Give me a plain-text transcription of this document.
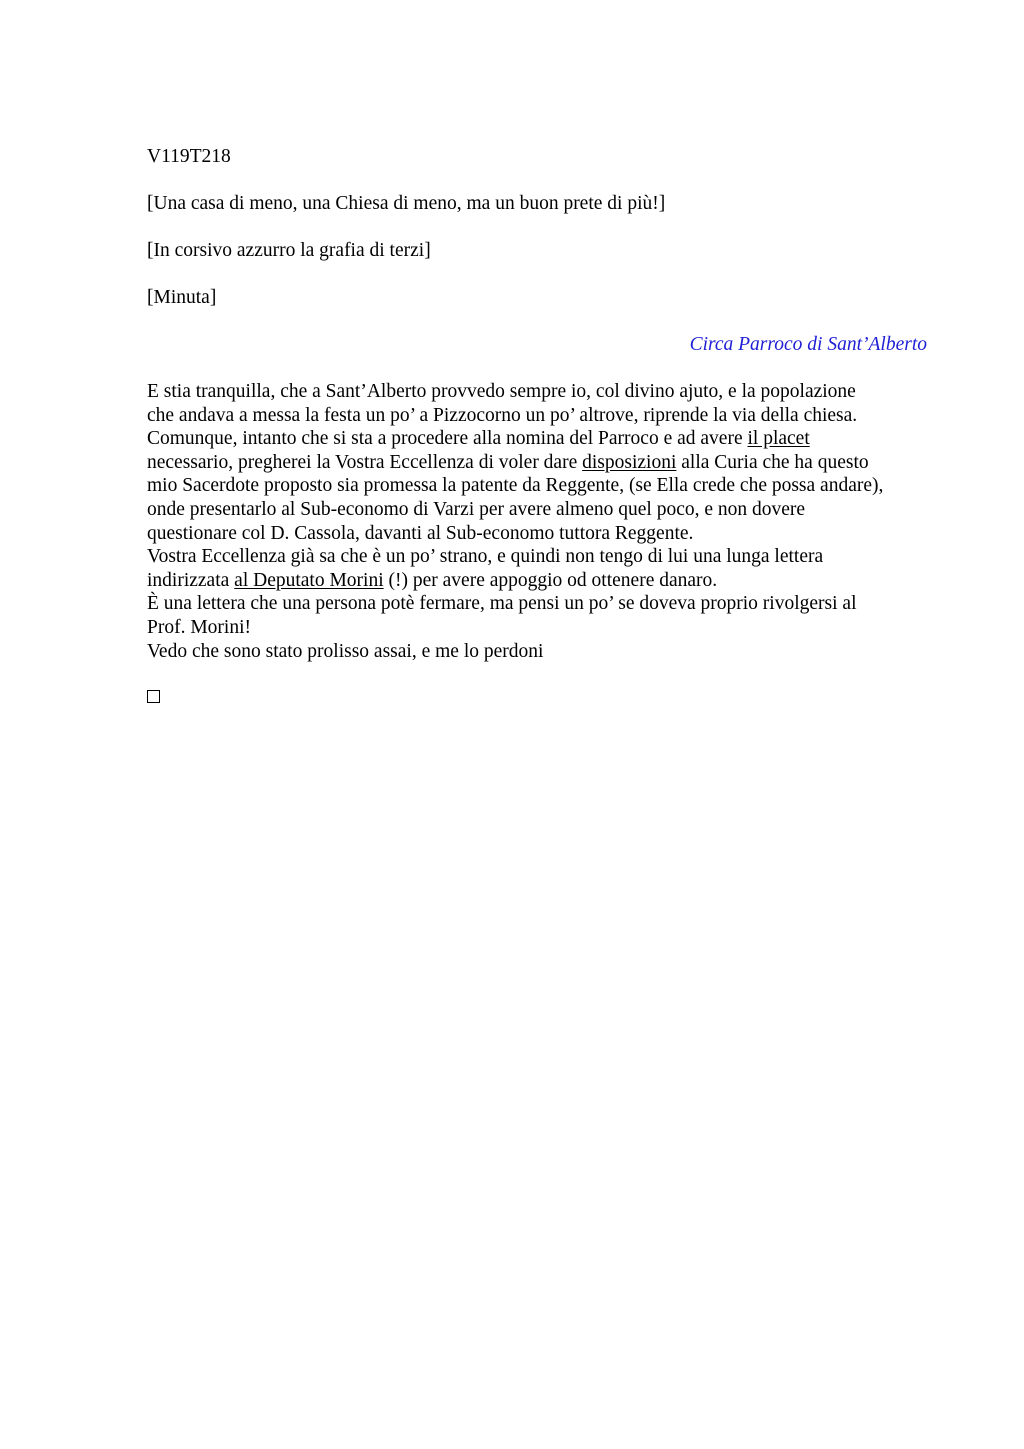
V119T218

[Una casa di meno, una Chiesa di meno, ma un buon prete di più!]

[In corsivo azzurro la grafia di terzi]

[Minuta]

Circa Parroco di Sant’Alberto

E stia tranquilla, che a Sant’Alberto provvedo sempre io, col divino ajuto, e la popolazione
che andava a messa la festa un po’ a Pizzocorno un po’ altrove, riprende la via della chiesa.
Comunque, intanto che si sta a procedere alla nomina del Parroco e ad avere il placet
necessario, pregherei la Vostra Eccellenza di voler dare disposizioni alla Curia che ha questo
mio Sacerdote proposto sia promessa la patente da Reggente, (se Ella crede che possa andare),
onde presentarlo al Sub-economo di Varzi per avere almeno quel poco, e non dovere
questionare col D. Cassola, davanti al Sub-economo tuttora Reggente.
Vostra Eccellenza già sa che è un po’ strano, e quindi non tengo di lui una lunga lettera
indirizzata al Deputato Morini (!) per avere appoggio od ottenere danaro.
È una lettera che una persona potè fermare, ma pensi un po’ se doveva proprio rivolgersi al
Prof. Morini!
Vedo che sono stato prolisso assai, e me lo perdoni
